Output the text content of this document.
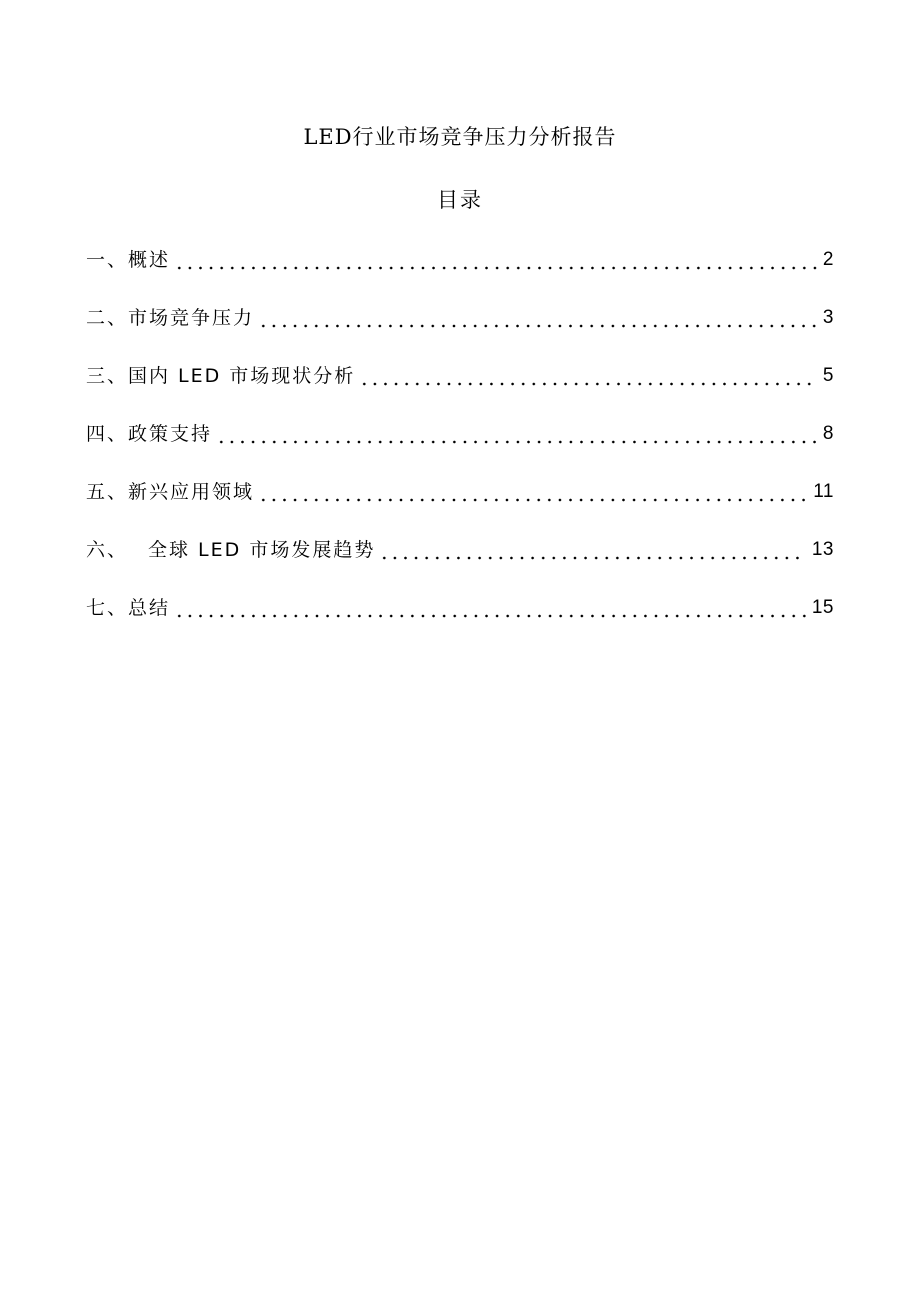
LED行业市场竞争压力分析报告
目录
一、概述	2
二、市场竞争压力	3
三、国内 LED 市场现状分析	5
四、政策支持	8
五、新兴应用领域	11
六、 全球 LED 市场发展趋势	13
七、总结	15
